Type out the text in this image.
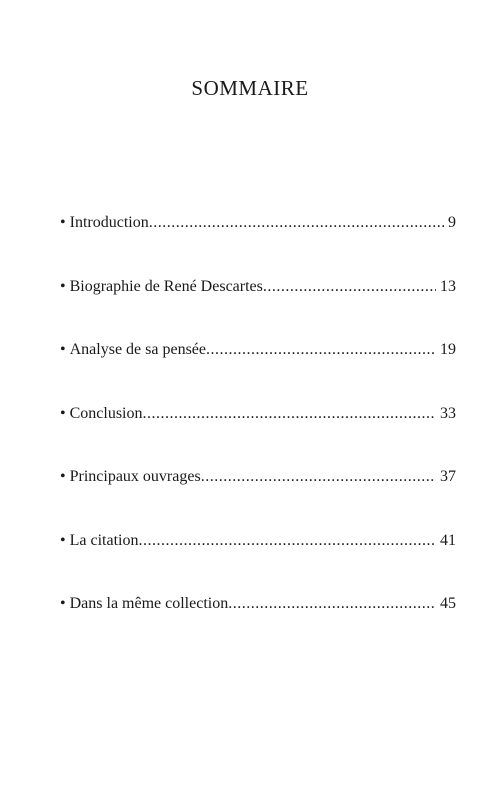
SOMMAIRE
• Introduction .....	9
• Biographie de René Descartes .....	13
• Analyse de sa pensée .....	19
• Conclusion .....	33
• Principaux ouvrages .....	37
• La citation .....	41
• Dans la même collection .....	45
